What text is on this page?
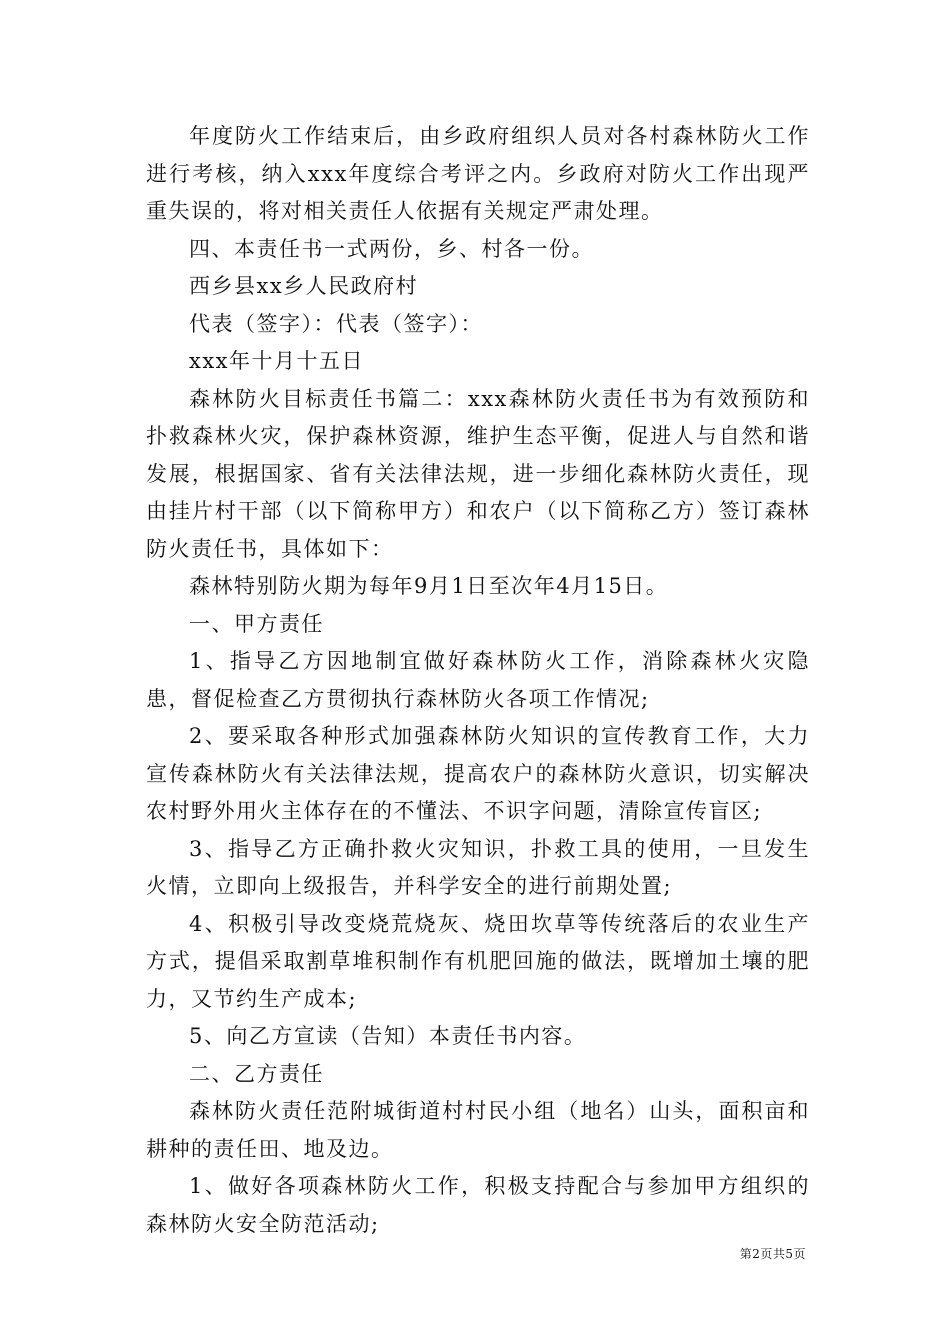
年度防火工作结束后，由乡政府组织人员对各村森林防火工作进行考核，纳入xxx年度综合考评之内。乡政府对防火工作出现严重失误的，将对相关责任人依据有关规定严肃处理。

四、本责任书一式两份，乡、村各一份。

西乡县xx乡人民政府村

代表（签字）：代表（签字）：

xxx年十月十五日

森林防火目标责任书篇二：xxx森林防火责任书为有效预防和扑救森林火灾，保护森林资源，维护生态平衡，促进人与自然和谐发展，根据国家、省有关法律法规，进一步细化森林防火责任，现由挂片村干部（以下简称甲方）和农户（以下简称乙方）签订森林防火责任书，具体如下：

森林特别防火期为每年9月1日至次年4月15日。

一、甲方责任

1、指导乙方因地制宜做好森林防火工作，消除森林火灾隐患，督促检查乙方贯彻执行森林防火各项工作情况;

2、要采取各种形式加强森林防火知识的宣传教育工作，大力宣传森林防火有关法律法规，提高农户的森林防火意识，切实解决农村野外用火主体存在的不懂法、不识字问题，清除宣传盲区;

3、指导乙方正确扑救火灾知识，扑救工具的使用，一旦发生火情，立即向上级报告，并科学安全的进行前期处置;

4、积极引导改变烧荒烧灰、烧田坎草等传统落后的农业生产方式，提倡采取割草堆积制作有机肥回施的做法，既增加土壤的肥力，又节约生产成本;

5、向乙方宣读（告知）本责任书内容。

二、乙方责任

森林防火责任范附城街道村村民小组（地名）山头，面积亩和耕种的责任田、地及边。

1、做好各项森林防火工作，积极支持配合与参加甲方组织的森林防火安全防范活动;

第2页共5页
